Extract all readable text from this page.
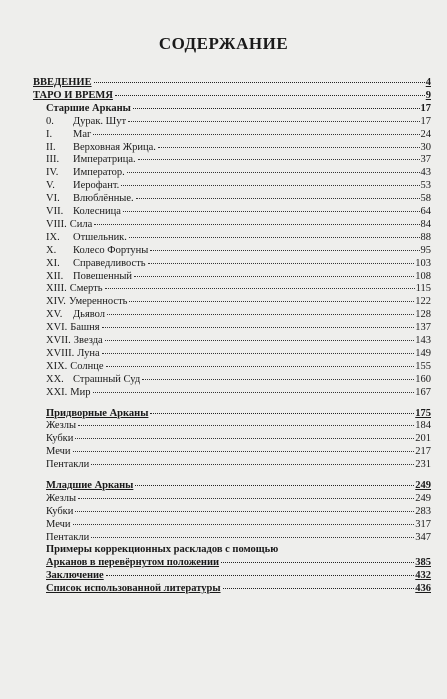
СОДЕРЖАНИЕ
ВВЕДЕНИЕ	4
ТАРО И ВРЕМЯ	9
Старшие Арканы	17
0.	Дурак. Шут	17
I.	Маг	24
II.	Верховная Жрица.	30
III.	Императрица.	37
IV.	Император.	43
V.	Иерофант.	53
VI.	Влюблённые.	58
VII. Колесница	64
VIII. Сила	84
IX.	Отшельник.	88
X.	Колесо Фортуны	95
XI.	Справедливость	103
XII. Повешенный	108
XIII. Смерть	115
XIV. Умеренность	122
XV.	Дьявол	128
XVI. Башня	137
XVII. Звезда	143
XVIII. Луна	149
XIX. Солнце	155
XX. Страшный Суд	160
XXI. Мир	167
Придворные Арканы	175
Жезлы	184
Кубки	201
Мечи	217
Пентакли	231
Младшие Арканы	249
Жезлы	249
Кубки	283
Мечи	317
Пентакли	347
Примеры коррекционных раскладов с помощью
Арканов в перевёрнутом положении	385
Заключение	432
Список использованной литературы	436
